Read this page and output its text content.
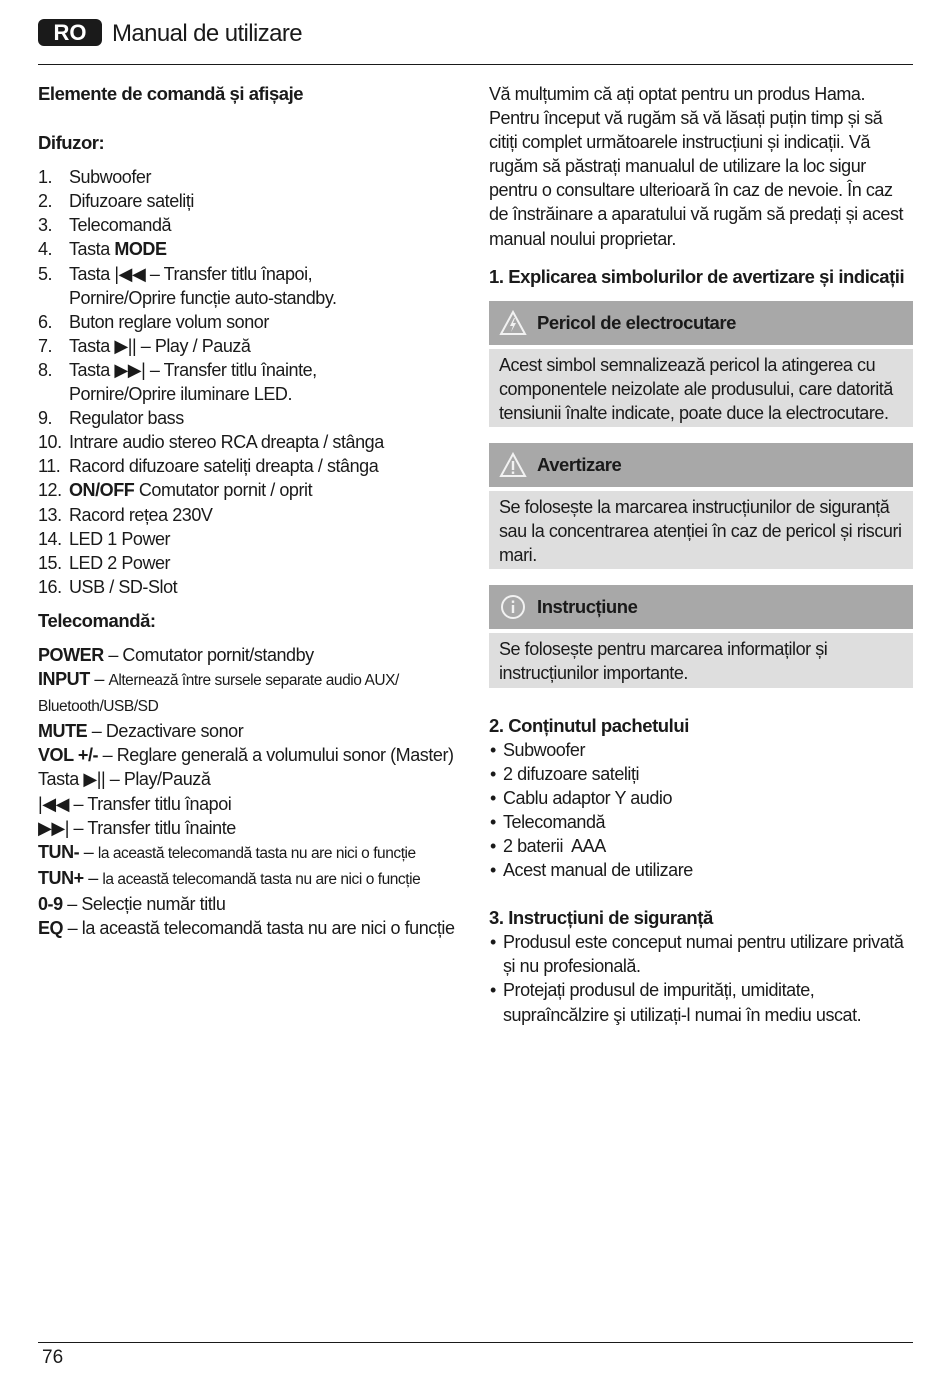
RO	Manual de utilizare
Elemente de comandă și afișaje
Difuzor:
1. Subwoofer
2. Difuzoare sateliți
3. Telecomandă
4. Tasta MODE
5. Tasta |◀◀ – Transfer titlu înapoi,
Pornire/Oprire funcție auto-standby.
6. Buton reglare volum sonor
7. Tasta ▶|| – Play / Pauză
8. Tasta ▶▶| – Transfer titlu înainte,
Pornire/Oprire iluminare LED.
9. Regulator bass
10. Intrare audio stereo RCA dreapta / stânga
11. Racord difuzoare sateliți dreapta / stânga
12. ON/OFF Comutator pornit / oprit
13. Racord rețea 230V
14. LED 1 Power
15. LED 2 Power
16. USB / SD-Slot
Telecomandă:

POWER – Comutator pornit/standby

INPUT – Alternează între sursele separate audio AUX/ Bluetooth/USB/SD

MUTE – Dezactivare sonor

VOL +/- – Reglare generală a volumului sonor (Master)

Tasta ▶|| – Play/Pauză

|◀◀ – Transfer titlu înapoi

▶▶| – Transfer titlu înainte

TUN- – la această telecomandă tasta nu are nici o funcție

TUN+ – la această telecomandă tasta nu are nici o funcție

0-9 – Selecție număr titlu

EQ – la această telecomandă tasta nu are nici o funcție

Vă mulțumim că ați optat pentru un produs Hama. Pentru început vă rugăm să vă lăsați puțin timp și să citiți complet următoarele instrucțiuni și indicații. Vă rugăm să păstrați manualul de utilizare la loc sigur pentru o consultare ulterioară în caz de nevoie. În caz de înstrăinare a aparatului vă rugăm să predați și acest manual noului proprietar.
1. Explicarea simbolurilor de avertizare și indicații
Pericol de electrocutare
Acest simbol semnalizează pericol la atingerea cu componentele neizolate ale produsului, care datorită tensiunii înalte indicate, poate duce la electrocutare.
Avertizare
Se folosește la marcarea instrucțiunilor de siguranță sau la concentrarea atenției în caz de pericol și riscuri mari.
Instrucțiune
Se folosește pentru marcarea informaților și instrucțiunilor importante.
2. Conținutul pachetului
• Subwoofer
• 2 difuzoare sateliți
• Cablu adaptor Y audio
• Telecomandă
• 2 baterii  AAA
• Acest manual de utilizare
3. Instrucțiuni de siguranță
• Produsul este conceput numai pentru utilizare privată și nu profesională.
• Protejați produsul de impurități, umiditate, supraîncălzire şi utilizați-l numai în mediu uscat.
76
